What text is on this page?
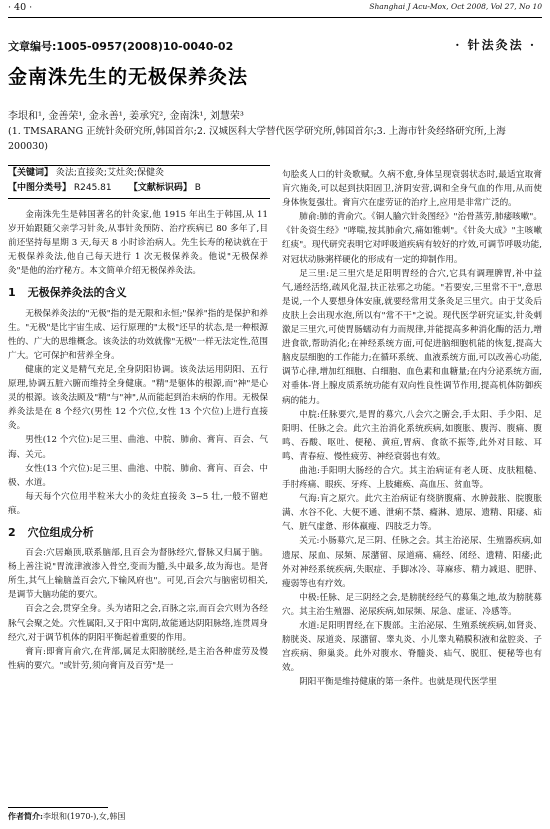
· 40 ·	Shanghai J Acu-Mox, Oct 2008, Vol 27, No 10
文章编号:1005-0957(2008)10-0040-02	· 针法灸法 ·
金南洙先生的无极保养灸法
李垠和¹, 金善荣¹, 金永善¹, 姜承究², 金南洙¹, 刘慧荣³
(1. TMSARANG 正统针灸研究所,韩国首尔;2. 汉城医科大学替代医学研究所,韩国首尔;3. 上海市针灸经络研究所,上海 200030)
【关键词】 灸法;直接灸;艾灶灸;保健灸
【中图分类号】 R245.81 【文献标识码】 B

金南洙先生是韩国著名的针灸家,他 1915 年出生于韩国,从 11 岁开始跟随父亲学习针灸,从事针灸预防、治疗疾病已 80 多年了,目前还坚持每星期 3 天,每天 8 小时诊治病人。先生长寿的秘诀就在于无极保养灸法,他自己每天进行 1 次无极保养灸。他说"无极保养灸"是他的治疗秘方。本文简单介绍无极保养灸法。

1 无极保养灸法的含义

无极保养灸法的"无极"指的是无限和永恒;"保养"指的是保护和养生。"无极"是比宇宙生成、运行原理的"太极"还早的状态,是一种根源性的、广大的思维概念。该灸法的功效就像"无极"一样无法定性,范围广大。它可保护和营养全身。

健康的定义是精气充足,全身阴阳协调。该灸法运用阴阳、五行原理,协调五脏六腑而维持全身健康。"精"是躯体的根源,而"神"是心灵的根源。该灸法顾及"精"与"神",从而能起到治未病的作用。无极保养灸法是在 8 个经穴(男性 12 个穴位,女性 13 个穴位)上进行直接灸。

男性(12 个穴位):足三里、曲池、中脘、肺俞、膏肓、百会、气海、关元。

女性(13 个穴位):足三里、曲池、中脘、肺俞、膏肓、百会、中极、水道。

每天每个穴位用半粒米大小的灸炷直接灸 3~5 壮,一般不留疤痕。

2 穴位组成分析

百会:穴居巅顶,联系脑部,且百会为督脉经穴,督脉又归属于脑。杨上善注说"胃流津液渗入骨空,变而为髓,头中最多,故为海也。是肾所生,其气上输脑盖百会穴,下输风府也"。可见,百会穴与脑密切相关,是调节大脑功能的要穴。

百会之会,贯穿全身。头为诸阳之会,百脉之宗,而百会穴则为各经脉气会聚之处。穴性属阳,又于阳中寓阴,故能通达阴阳脉络,连贯周身经穴,对于调节机体的阴阳平衡起着重要的作用。

膏肓:即膏肓俞穴,在背部,属足太阳膀胱经,是主治各种虚劳及慢性病的要穴。"或针劳,须向膏肓及百劳"是一

句脍炙人口的针灸歌赋。久病不愈,身体呈现衰弱状态时,最适宜取膏肓穴施灸,可以起到扶阳固卫,济阴安营,调和全身气血的作用,从而使身体恢复强壮。膏肓穴在虚劳证的治疗上,应用是非常广泛的。

肺俞:肺的背俞穴。《铜人腧穴针灸图经》"治骨蒸劳,肺痿咳嗽"。《针灸资生经》"哮喘,按其肺俞穴,痛如锥刺"。《针灸大成》"主咳嗽红痰"。现代研究表明它对呼吸道疾病有较好的疗效,可调节呼吸功能,对冠状动脉粥样硬化的形成有一定的抑制作用。

足三里:足三里穴是足阳明胃经的合穴,它具有调理脾胃,补中益气,通经活络,疏风化湿,扶正祛邪之功能。"若要安,三里常不干",意思是说,一个人要想身体安康,就要经常用艾条灸足三里穴。由于艾灸后皮肤上会出现水泡,所以有"常不干"之说。现代医学研究证实,针灸刺激足三里穴,可使胃肠蠕动有力而规律,并能提高多种消化酶的活力,增进食欲,帮助消化;在神经系统方面,可促进脑细胞机能的恢复,提高大脑皮层细胞的工作能力;在循环系统、血液系统方面,可以改善心功能,调节心律,增加红细胞、白细胞、血色素和血糖量;在内分泌系统方面,对垂体-肾上腺皮质系统功能有双向性良性调节作用,提高机体防御疾病的能力。

中脘:任脉要穴,是胃的募穴,八会穴之腑会,手太阳、手少阳、足阳明、任脉之会。此穴主治消化系统疾病,如腹胀、腹泻、腹痛、腹鸣、吞酸、呕吐、便秘、黄疸,胃病、食欲不振等,此外对目眩、耳鸣、青春痘、慢性疲劳、神经衰弱也有效。

曲池:手阳明大肠经的合穴。其主治病证有老人斑、皮肤粗糙、手肘疼痛、眼疾、牙疼、上肢瘫痪、高血压、贫血等。

气海:肓之原穴。此穴主治病证有绕脐腹痛、水肿鼓胀、脘腹胀满、水谷不化、大便不通、泄痢不禁、癃淋、遗尿、遗精、阳痿、疝气、脏气虚惫、形体羸瘦、四肢乏力等。

关元:小肠募穴,足三阴、任脉之会。其主治泌尿、生殖器疾病,如遗尿、尿血、尿频、尿潴留、尿道痛、痛经、闭经、遗精、阳痿;此外对神经系统疾病,失眠症、手脚冰冷、荨麻疹、精力减退、肥胖、瘦弱等也有疗效。

中极:任脉、足三阴经之会,是膀胱经经气的募集之地,故为膀胱募穴。其主治生殖器、泌尿疾病,如尿频、尿急、虚证、冷感等。

水道:足阳明胃经,在下腹部。主治泌尿、生殖系统疾病,如肾炎、膀胱炎、尿道炎、尿潴留、睾丸炎、小儿睾丸鞘膜积液和盆腔炎、子宫疾病、卵巢炎。此外对腹水、脊髓炎、疝气、脱肛、便秘等也有效。

阴阳平衡是维持健康的第一条件。也就是现代医学里

作者简介:李垠和(1970-),女,韩国
